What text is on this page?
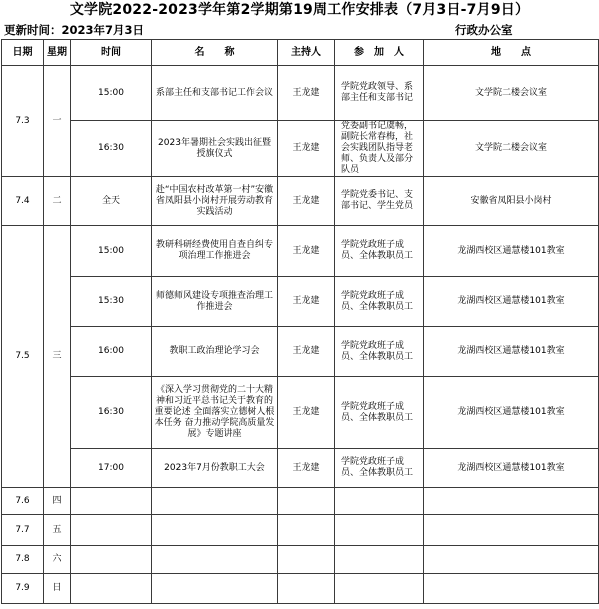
文学院2022-2023学年第2学期第19周工作安排表（7月3日-7月9日）
更新时间：2023年7月3日	行政办公室
日期	星期	时间	名　　称	主持人	参　加　人	地　　点
7.3	一	15:00	系部主任和支部书记工作会议	王龙建	学院党政领导、系部主任和支部书记	文学院二楼会议室
		16:30	2023年暑期社会实践出征暨授旗仪式	王龙建	党委副书记虞畅，副院长常春梅，社会实践团队指导老师、负责人及部分队员	文学院二楼会议室
7.4	二	全天	赴“中国农村改革第一村”安徽省凤阳县小岗村开展劳动教育实践活动	王龙建	学院党委书记、支部书记、学生党员	安徽省凤阳县小岗村
7.5	三	15:00	教研科研经费使用自查自纠专项治理工作推进会	王龙建	学院党政班子成员、全体教职员工	龙湖西校区通慧楼101教室
		15:30	师德师风建设专项推查治理工作推进会	王龙建	学院党政班子成员、全体教职员工	龙湖西校区通慧楼101教室
		16:00	教职工政治理论学习会	王龙建	学院党政班子成员、全体教职员工	龙湖西校区通慧楼101教室
		16:30	《深入学习贯彻党的二十大精神和习近平总书记关于教育的重要论述 全面落实立德树人根本任务 奋力推动学院高质量发展》专题讲座	王龙建	学院党政班子成员、全体教职员工	龙湖西校区通慧楼101教室
		17:00	2023年7月份教职工大会	王龙建	学院党政班子成员、全体教职员工	龙湖西校区通慧楼101教室
7.6	四					
7.7	五					
7.8	六					
7.9	日					
